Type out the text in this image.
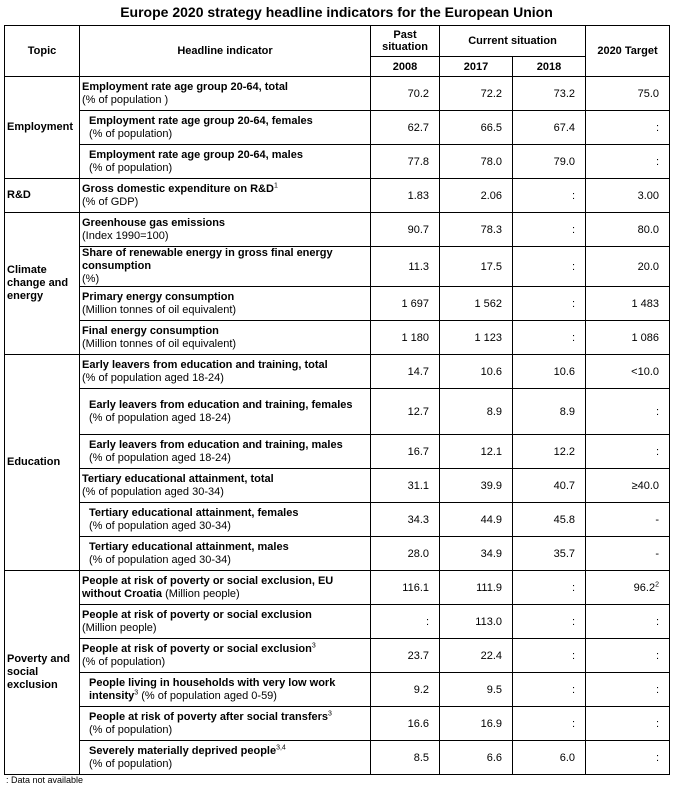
Europe 2020 strategy headline indicators for the European Union
Topic	Headline indicator	Past situation	Current situation		2020 Target
		2008	2017	2018	
Employment	Employment rate age group 20-64, total
(% of population )	70.2	72.2	73.2	75.0
	Employment rate age group 20-64, females
(% of population)	62.7	66.5	67.4	:
	Employment rate age group 20-64, males
(% of population)	77.8	78.0	79.0	:
R&D	Gross domestic expenditure on $R\&D^1$
(% of GDP)	1.83	2.06	:	3.00
Climate change and energy	Greenhouse gas emissions
(Index 1990=100)	90.7	78.3	:	80.0
	Share of renewable energy in gross final energy consumption
(%)	11.3	17.5	:	20.0
	Primary energy consumption
(Million tonnes of oil equivalent)	1 697	1 562	:	1 483
	Final energy consumption
(Million tonnes of oil equivalent)	1 180	1 123	:	1 086
Education	Early leavers from education and training, total
(% of population aged 18-24)	14.7	10.6	10.6	<10.0
	Early leavers from education and training, females
(% of population aged 18-24)	12.7	8.9	8.9	:
	Early leavers from education and training, males
(% of population aged 18-24)	16.7	12.1	12.2	:
	Tertiary educational attainment, total
(% of population aged 30-34)	31.1	39.9	40.7	≥40.0
	Tertiary educational attainment, females
(% of population aged 30-34)	34.3	44.9	45.8	-
	Tertiary educational attainment, males
(% of population aged 30-34)	28.0	34.9	35.7	-
Poverty and social exclusion	People at risk of poverty or social exclusion, EU without Croatia (Million people)	116.1	111.9	:	96.2$^2$
	People at risk of poverty or social exclusion
(Million people)	:	113.0	:	:
	People at risk of poverty or social exclusion$^3$
(% of population)	23.7	22.4	:	:
	People living in households with very low work intensity$^3$ (% of population aged 0-59)	9.2	9.5	:	:
	People at risk of poverty after social transfers$^3$
(% of population)	16.6	16.9	:	:
	Severely materially deprived people$^{3,4}$
(% of population)	8.5	6.6	6.0	:
: Data not available
